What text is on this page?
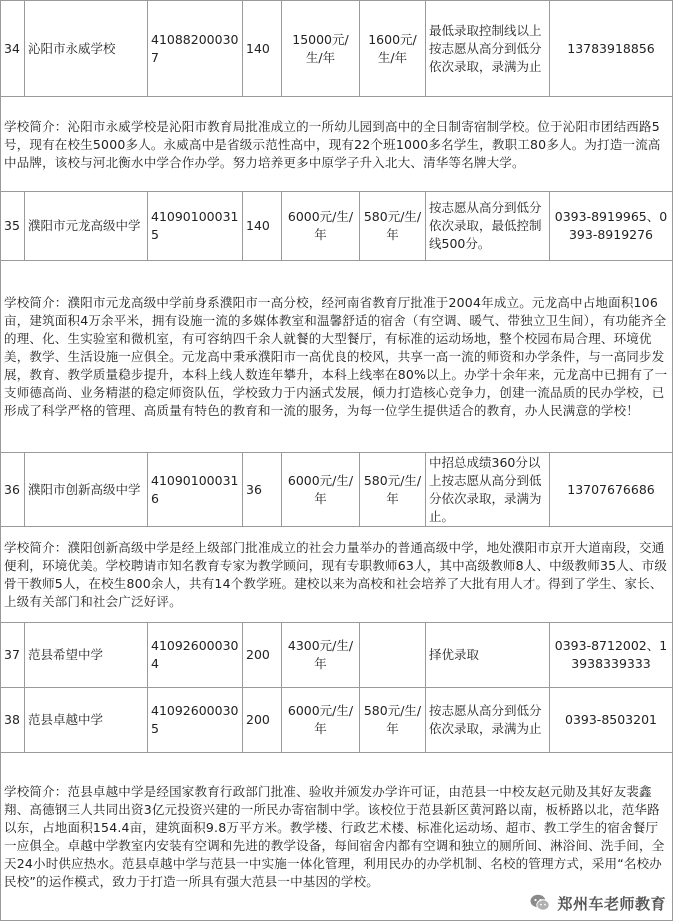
34	沁阳市永威学校	410882000307	140	15000元/生/年	1600元/生/年	最低录取控制线以上按志愿从高分到低分依次录取，录满为止	13783918856

学校简介：沁阳市永威学校是沁阳市教育局批准成立的一所幼儿园到高中的全日制寄宿制学校。位于沁阳市团结西路5号，现有在校生5000多人。永威高中是省级示范性高中，现有22个班1000多名学生，教职工80多人。为打造一流高中品牌，该校与河北衡水中学合作办学。努力培养更多中原学子升入北大、清华等名牌大学。							

35	濮阳市元龙高级中学	410901000315	140	6000元/生/年	580元/生/年	按志愿从高分到低分依次录取，最低控制线500分。	0393-8919965、0393-8919276

学校简介：濮阳市元龙高级中学前身系濮阳市一高分校，经河南省教育厅批准于2004年成立。元龙高中占地面积106亩，建筑面积4万余平米，拥有设施一流的多媒体教室和温馨舒适的宿舍（有空调、暖气、带独立卫生间），有功能齐全的理、化、生实验室和微机室，有可容纳四千余人就餐的大型餐厅，有标准的运动场地，整个校园布局合理、环境优美，教学、生活设施一应俱全。元龙高中秉承濮阳市一高优良的校风，共享一高一流的师资和办学条件，与一高同步发展，教育、教学质量稳步提升，本科上线人数连年攀升，本科上线率在80%以上。办学十余年来，元龙高中已拥有了一支师德高尚、业务精湛的稳定师资队伍，学校致力于内涵式发展，倾力打造核心竞争力，创建一流品质的民办学校，已形成了科学严格的管理、高质量有特色的教育和一流的服务，为每一位学生提供适合的教育，办人民满意的学校！							

36	濮阳市创新高级中学	410901000316	36	6000元/生/年	580元/生/年	中招总成绩360分以上按志愿从高分到低分依次录取，录满为止。	13707676686

学校简介：濮阳创新高级中学是经上级部门批准成立的社会力量举办的普通高级中学，地处濮阳市京开大道南段，交通便利，环境优美。学校聘请市知名教育专家为教学顾问，现有专职教师63人，其中高级教师8人、中级教师35人、市级骨干教师5人，在校生800余人，共有14个教学班。建校以来为高校和社会培养了大批有用人才。得到了学生、家长、上级有关部门和社会广泛好评。							

37	范县希望中学	410926000304	200	4300元/生/年		择优录取	0393-8712002、13938339333
38	范县卓越中学	410926000305	200	6000元/生/年	580元/生/年	按志愿从高分到低分依次录取，录满为止	0393-8503201

学校简介：范县卓越中学是经国家教育行政部门批准、验收并颁发办学许可证，由范县一中校友赵元勋及其好友裴鑫翔、高德钢三人共同出资3亿元投资兴建的一所民办寄宿制中学。该校位于范县新区黄河路以南，板桥路以北，范华路以东，占地面积154.4亩，建筑面积9.8万平方米。教学楼、行政艺术楼、标准化运动场、超市、教工学生的宿舍餐厅一应俱全。卓越中学教室内安装有空调和先进的教学设备，每间宿舍内都有空调和独立的厕所间、淋浴间、洗手间，全天24小时供应热水。范县卓越中学与范县一中实施一体化管理，利用民办的办学机制、名校的管理方式，采用“名校办民校”的运作模式，致力于打造一所具有强大范县一中基因的学校。							
郑州车老师教育
